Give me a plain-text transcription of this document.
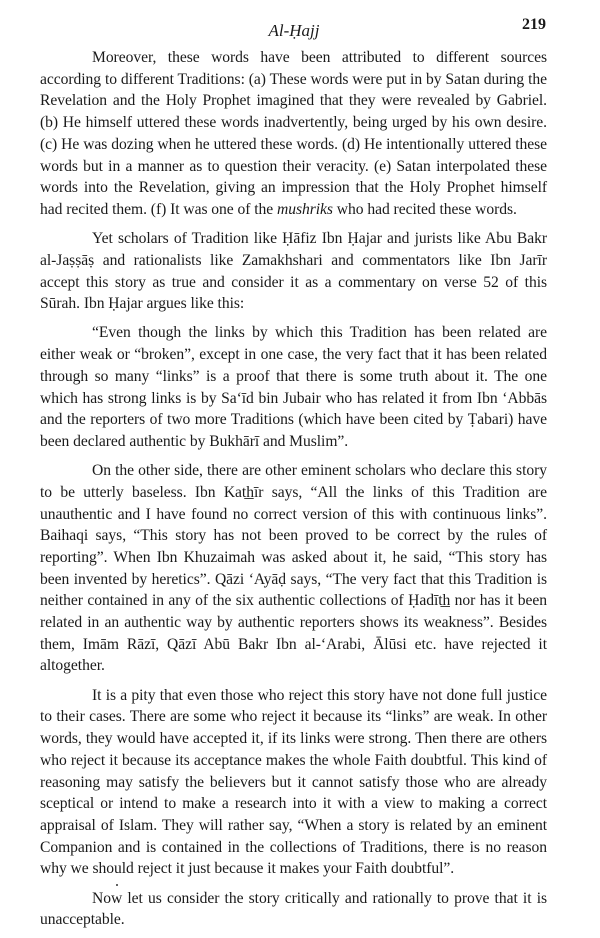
Al-Ḥajj	219

Moreover, these words have been attributed to different sources according to different Traditions: (a) These words were put in by Satan during the Revelation and the Holy Prophet imagined that they were revealed by Gabriel. (b) He himself uttered these words inadvertently, being urged by his own desire. (c) He was dozing when he uttered these words. (d) He intentionally uttered these words but in a manner as to question their veracity. (e) Satan interpolated these words into the Revelation, giving an impression that the Holy Prophet himself had recited them. (f) It was one of the mushriks who had recited these words.

Yet scholars of Tradition like Ḥāfiz Ibn Ḥajar and jurists like Abu Bakr al-Jaṣṣāṣ and rationalists like Zamakhshari and commentators like Ibn Jarīr accept this story as true and consider it as a commentary on verse 52 of this Sūrah. Ibn Ḥajar argues like this:

“Even though the links by which this Tradition has been related are either weak or “broken”, except in one case, the very fact that it has been related through so many “links” is a proof that there is some truth about it. The one which has strong links is by Sa‘īd bin Jubair who has related it from Ibn ‘Abbās and the reporters of two more Traditions (which have been cited by Ṭabari) have been declared authentic by Bukhārī and Muslim”.

On the other side, there are other eminent scholars who declare this story to be utterly baseless. Ibn Kat͟hīr says, “All the links of this Tradition are unauthentic and I have found no correct version of this with continuous links”. Baihaqi says, “This story has not been proved to be correct by the rules of reporting”. When Ibn Khuzaimah was asked about it, he said, “This story has been invented by heretics”. Qāzi ‘Ayāḍ says, “The very fact that this Tradition is neither contained in any of the six authentic collections of Ḥadīt͟h nor has it been related in an authentic way by authentic reporters shows its weakness”. Besides them, Imām Rāzī, Qāzī Abū Bakr Ibn al-‘Arabi, Ālūsi etc. have rejected it altogether.

It is a pity that even those who reject this story have not done full justice to their cases. There are some who reject it because its “links” are weak. In other words, they would have accepted it, if its links were strong. Then there are others who reject it because its acceptance makes the whole Faith doubtful. This kind of reasoning may satisfy the believers but it cannot satisfy those who are already sceptical or intend to make a research into it with a view to making a correct appraisal of Islam. They will rather say, “When a story is related by an eminent Companion and is contained in the collections of Traditions, there is no reason why we should reject it just because it makes your Faith doubtful”.

Now let us consider the story critically and rationally to prove that it is unacceptable.
